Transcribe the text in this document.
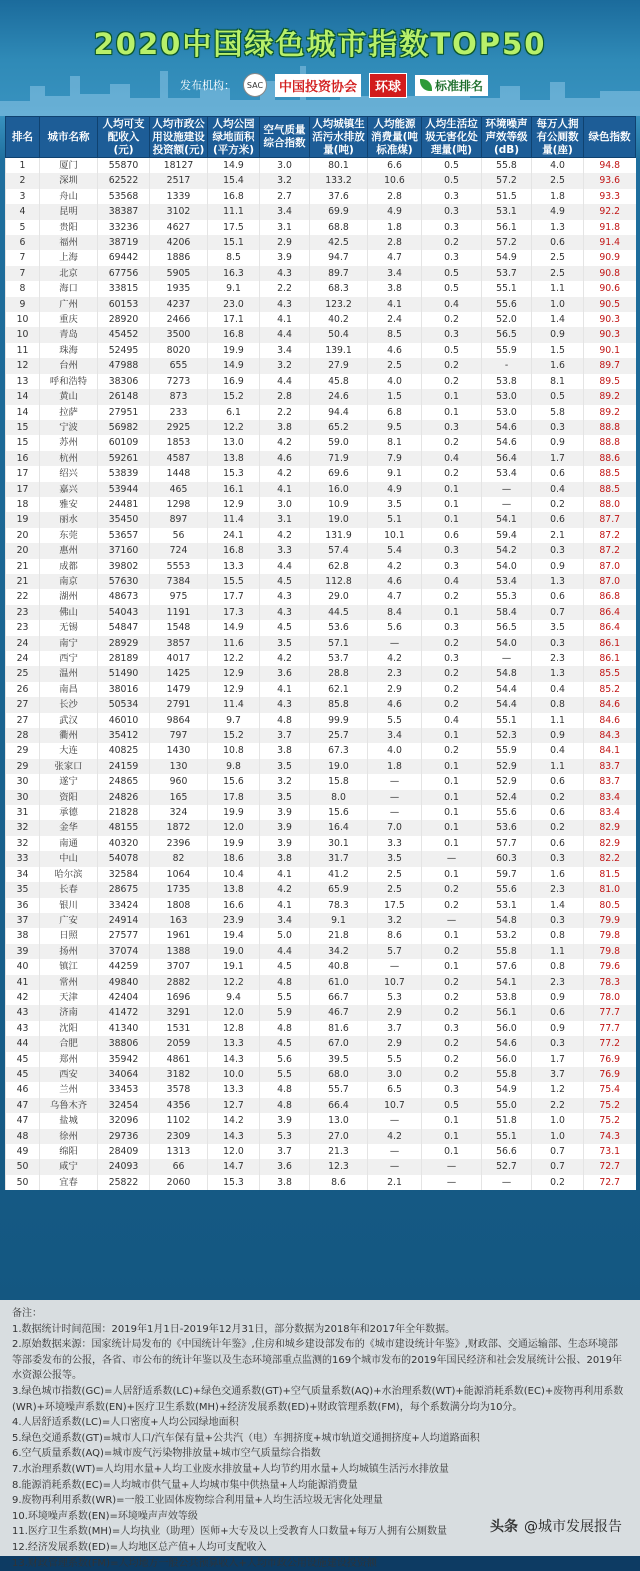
2020中国绿色城市指数TOP50
发布机构：	SAC	中国投资协会	环球	标准排名
排名	城市名称	人均可支配收入(元)	人均市政公用设施建设投资额(元)	人均公园绿地面积(平方米)	空气质量综合指数	人均城镇生活污水排放量(吨)	人均能源消费量(吨标准煤)	人均生活垃圾无害化处理量(吨)	环境噪声声效等级(dB)	每万人拥有公厕数量(座)	绿色指数
1	厦门	55870	18127	14.9	3.0	80.1	6.6	0.5	55.8	4.0	94.8
2	深圳	62522	2517	15.4	3.2	133.2	10.6	0.5	57.2	2.5	93.6
3	舟山	53568	1339	16.8	2.7	37.6	2.8	0.3	51.5	1.8	93.3
4	昆明	38387	3102	11.1	3.4	69.9	4.9	0.3	53.1	4.9	92.2
5	贵阳	33236	4627	17.5	3.1	68.8	1.8	0.3	56.1	1.3	91.8
6	福州	38719	4206	15.1	2.9	42.5	2.8	0.2	57.2	0.6	91.4
7	上海	69442	1886	8.5	3.9	94.7	4.7	0.3	54.9	2.5	90.9
7	北京	67756	5905	16.3	4.3	89.7	3.4	0.5	53.7	2.5	90.8
8	海口	33815	1935	9.1	2.2	68.3	3.8	0.5	55.1	1.1	90.6
9	广州	60153	4237	23.0	4.3	123.2	4.1	0.4	55.6	1.0	90.5
10	重庆	28920	2466	17.1	4.1	40.2	2.4	0.2	52.0	1.4	90.3
10	青岛	45452	3500	16.8	4.4	50.4	8.5	0.3	56.5	0.9	90.3
11	珠海	52495	8020	19.9	3.4	139.1	4.6	0.5	55.9	1.5	90.1
12	台州	47988	655	14.9	3.2	27.9	2.5	0.2	-	1.6	89.7
13	呼和浩特	38306	7273	16.9	4.4	45.8	4.0	0.2	53.8	8.1	89.5
14	黄山	26148	873	15.2	2.8	24.6	1.5	0.1	53.0	0.5	89.2
14	拉萨	27951	233	6.1	2.2	94.4	6.8	0.1	53.0	5.8	89.2
15	宁波	56982	2925	12.2	3.8	65.2	9.5	0.3	54.6	0.3	88.8
15	苏州	60109	1853	13.0	4.2	59.0	8.1	0.2	54.6	0.9	88.8
16	杭州	59261	4587	13.8	4.6	71.9	7.9	0.4	56.4	1.7	88.6
17	绍兴	53839	1448	15.3	4.2	69.6	9.1	0.2	53.4	0.6	88.5
17	嘉兴	53944	465	16.1	4.1	16.0	4.9	0.1	—	0.4	88.5
18	雅安	24481	1298	12.9	3.0	10.9	3.5	0.1	—	0.2	88.0
19	丽水	35450	897	11.4	3.1	19.0	5.1	0.1	54.1	0.6	87.7
20	东莞	53657	56	24.1	4.2	131.9	10.1	0.6	59.4	2.1	87.2
20	惠州	37160	724	16.8	3.3	57.4	5.4	0.3	54.2	0.3	87.2
21	成都	39802	5553	13.3	4.4	62.8	4.2	0.3	54.0	0.9	87.0
21	南京	57630	7384	15.5	4.5	112.8	4.6	0.4	53.4	1.3	87.0
22	湖州	48673	975	17.7	4.3	29.0	4.7	0.2	55.3	0.6	86.8
23	佛山	54043	1191	17.3	4.3	44.5	8.4	0.1	58.4	0.7	86.4
23	无锡	54847	1548	14.9	4.5	53.6	5.6	0.3	56.5	3.5	86.4
24	南宁	28929	3857	11.6	3.5	57.1	—	0.2	54.0	0.3	86.1
24	西宁	28189	4017	12.2	4.2	53.7	4.2	0.3	—	2.3	86.1
25	温州	51490	1425	12.9	3.6	28.8	2.3	0.2	54.8	1.3	85.5
26	南昌	38016	1479	12.9	4.1	62.1	2.9	0.2	54.4	0.4	85.2
27	长沙	50534	2791	11.4	4.3	85.8	4.6	0.2	54.4	0.8	84.6
27	武汉	46010	9864	9.7	4.8	99.9	5.5	0.4	55.1	1.1	84.6
28	衢州	35412	797	15.2	3.7	25.7	3.4	0.1	52.3	0.9	84.3
29	大连	40825	1430	10.8	3.8	67.3	4.0	0.2	55.9	0.4	84.1
29	张家口	24159	130	9.8	3.5	19.0	1.8	0.1	52.9	1.1	83.7
30	遂宁	24865	960	15.6	3.2	15.8	—	0.1	52.9	0.6	83.7
30	资阳	24826	165	17.8	3.5	8.0	—	0.1	52.4	0.2	83.4
31	承德	21828	324	19.9	3.9	15.6	—	0.1	55.6	0.6	83.4
32	金华	48155	1872	12.0	3.9	16.4	7.0	0.1	53.6	0.2	82.9
32	南通	40320	2396	19.9	3.9	30.1	3.3	0.1	57.7	0.6	82.9
33	中山	54078	82	18.6	3.8	31.7	3.5	—	60.3	0.3	82.2
34	哈尔滨	32584	1064	10.4	4.1	41.2	2.5	0.1	59.7	1.6	81.5
35	长春	28675	1735	13.8	4.2	65.9	2.5	0.2	55.6	2.3	81.0
36	银川	33424	1808	16.6	4.1	78.3	17.5	0.2	53.1	1.4	80.5
37	广安	24914	163	23.9	3.4	9.1	3.2	—	54.8	0.3	79.9
38	日照	27577	1961	19.4	5.0	21.8	8.6	0.1	53.2	0.8	79.8
39	扬州	37074	1388	19.0	4.4	34.2	5.7	0.2	55.8	1.1	79.8
40	镇江	44259	3707	19.1	4.5	40.8	—	0.1	57.6	0.8	79.6
41	常州	49840	2882	12.2	4.8	61.0	10.7	0.2	54.1	2.3	78.3
42	天津	42404	1696	9.4	5.5	66.7	5.3	0.2	53.8	0.9	78.0
43	济南	41472	3291	12.0	5.9	46.7	2.9	0.2	56.1	0.6	77.7
43	沈阳	41340	1531	12.8	4.8	81.6	3.7	0.3	56.0	0.9	77.7
44	合肥	38806	2059	13.3	4.5	67.0	2.9	0.2	54.6	0.3	77.2
45	郑州	35942	4861	14.3	5.6	39.5	5.5	0.2	56.0	1.7	76.9
45	西安	34064	3182	10.0	5.5	68.0	3.0	0.2	55.8	3.7	76.9
46	兰州	33453	3578	13.3	4.8	55.7	6.5	0.3	54.9	1.2	75.4
47	乌鲁木齐	32454	4356	12.7	4.8	66.4	10.7	0.5	55.0	2.2	75.2
47	盐城	32096	1102	14.2	3.9	13.0	—	0.1	51.8	1.0	75.2
48	徐州	29736	2309	14.3	5.3	27.0	4.2	0.1	55.1	1.0	74.3
49	绵阳	28409	1313	12.0	3.7	21.3	—	0.1	56.6	0.7	73.1
50	咸宁	24093	66	14.7	3.6	12.3	—	—	52.7	0.7	72.7
50	宜春	25822	2060	15.3	3.8	8.6	2.1	—	—	0.2	72.7

备注：

1.数据统计时间范围：2019年1月1日-2019年12月31日，部分数据为2018年和2017年全年数据。

2.原始数据来源：国家统计局发布的《中国统计年鉴》,住房和城乡建设部发布的《城市建设统计年鉴》,财政部、交通运输部、生态环境部等部委发布的公报，各省、市公布的统计年鉴以及生态环境部重点监测的169个城市发布的2019年国民经济和社会发展统计公报、2019年水资源公报等。

3.绿色城市指数(GC)=人居舒适系数(LC)+绿色交通系数(GT)+空气质量系数(AQ)+水治理系数(WT)+能源消耗系数(EC)+废物再利用系数(WR)+环境噪声系数(EN)+医疗卫生系数(MH)+经济发展系数(ED)+财政管理系数(FM)，每个系数满分均为10分。

4.人居舒适系数(LC)=人口密度+人均公园绿地面积

5.绿色交通系数(GT)=城市人口/汽车保有量+公共汽（电）车拥挤度+城市轨道交通拥挤度+人均道路面积

6.空气质量系数(AQ)=城市废气污染物排放量+城市空气质量综合指数

7.水治理系数(WT)=人均用水量+人均工业废水排放量+人均节约用水量+人均城镇生活污水排放量

8.能源消耗系数(EC)=人均城市供气量+人均城市集中供热量+人均能源消费量

9.废物再利用系数(WR)=一般工业固体废物综合利用量+人均生活垃圾无害化处理量

10.环境噪声系数(EN)=环境噪声声效等级

11.医疗卫生系数(MH)=人均执业（助理）医师+大专及以上受教育人口数量+每万人拥有公厕数量

12.经济发展系数(ED)=人均地区总产值+人均可支配收入

13.财政管理系数(FM)=人均地方一般公共预算收入+人均市政公用设施建设投资额

头条 @城市发展报告
